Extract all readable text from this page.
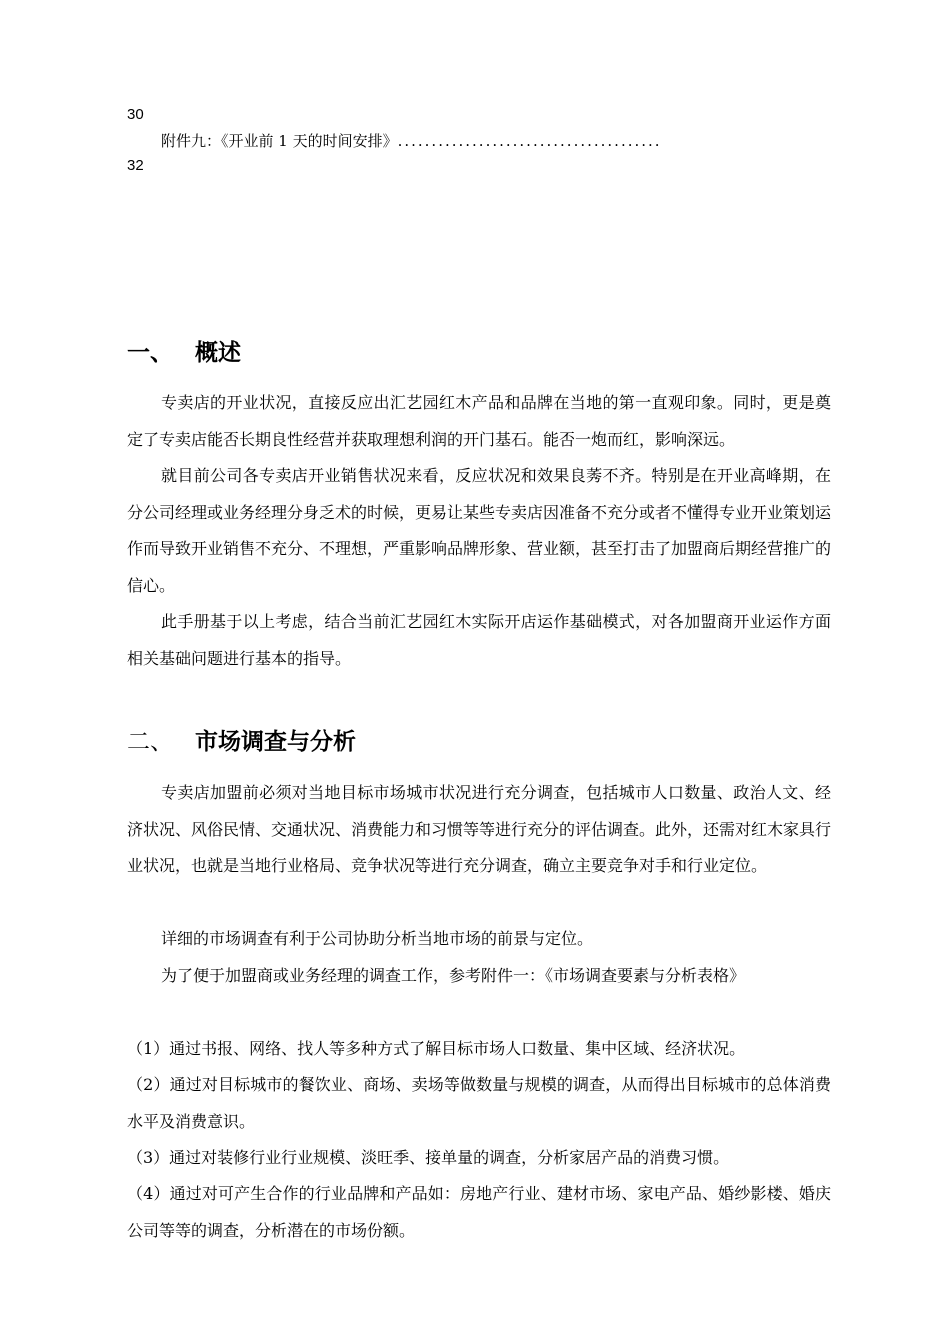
30
附件九：《开业前 1 天的时间安排》.......................................
32
一、 概述

专卖店的开业状况，直接反应出汇艺园红木产品和品牌在当地的第一直观印象。同时，更是奠定了专卖店能否长期良性经营并获取理想利润的开门基石。能否一炮而红，影响深远。

就目前公司各专卖店开业销售状况来看，反应状况和效果良莠不齐。特别是在开业高峰期，在分公司经理或业务经理分身乏术的时候，更易让某些专卖店因准备不充分或者不懂得专业开业策划运作而导致开业销售不充分、不理想，严重影响品牌形象、营业额，甚至打击了加盟商后期经营推广的信心。

此手册基于以上考虑，结合当前汇艺园红木实际开店运作基础模式，对各加盟商开业运作方面相关基础问题进行基本的指导。

二、 市场调查与分析

专卖店加盟前必须对当地目标市场城市状况进行充分调查，包括城市人口数量、政治人文、经济状况、风俗民情、交通状况、消费能力和习惯等等进行充分的评估调查。此外，还需对红木家具行业状况，也就是当地行业格局、竞争状况等进行充分调查，确立主要竞争对手和行业定位。

详细的市场调查有利于公司协助分析当地市场的前景与定位。

为了便于加盟商或业务经理的调查工作，参考附件一：《市场调查要素与分析表格》

（1）通过书报、网络、找人等多种方式了解目标市场人口数量、集中区域、经济状况。

（2）通过对目标城市的餐饮业、商场、卖场等做数量与规模的调查，从而得出目标城市的总体消费水平及消费意识。

（3）通过对装修行业行业规模、淡旺季、接单量的调查，分析家居产品的消费习惯。

（4）通过对可产生合作的行业品牌和产品如：房地产行业、建材市场、家电产品、婚纱影楼、婚庆公司等等的调查，分析潜在的市场份额。
